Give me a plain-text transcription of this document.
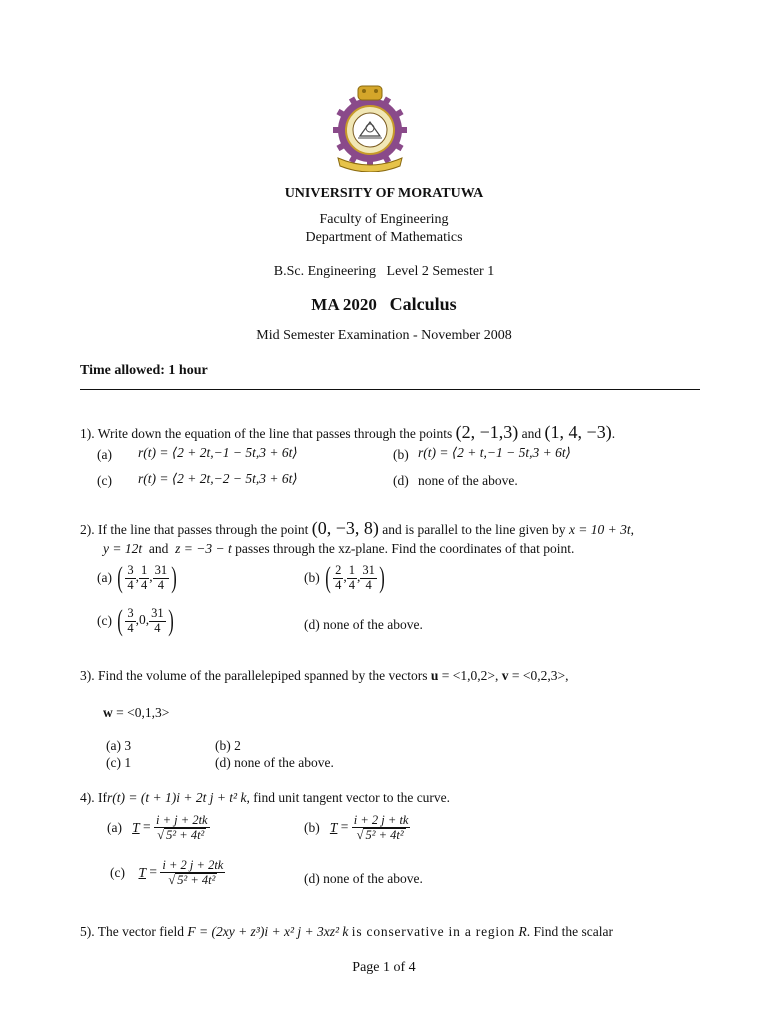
UNIVERSITY OF MORATUWA
Faculty of Engineering
Department of Mathematics
B.Sc. Engineering   Level 2 Semester 1
MA 2020 Calculus
Mid Semester Examination - November 2008
Time allowed: 1 hour
1). Write down the equation of the line that passes through the points (2, −1,3) and (1, 4, −3).
(a) r(t) = ⟨2 + 2t,−1 − 5t,3 + 6t⟩	(b) r(t) = ⟨2 + t,−1 − 5t,3 + 6t⟩
(c) r(t) = ⟨2 + 2t,−2 − 5t,3 + 6t⟩	(d) none of the above.
2). If the line that passes through the point (0, −3, 8) and is parallel to the line given by x = 10 + 3t,
y = 12t and z = −3 − t passes through the xz-plane. Find the coordinates of that point.
(a) ( $\frac{3}{4}$ , $\frac{1}{4}$ , $\frac{31}{4}$ )	(b) ( $\frac{2}{4}$ , $\frac{1}{4}$ , $\frac{31}{4}$ )
(c) ( $\frac{3}{4} ,0$, $\frac{31}{4}$ )	(d) none of the above.
3). Find the volume of the parallelepiped spanned by the vectors u = <1,0,2>, v = <0,2,3>,
w = <0,1,3>
(a) 3	(b) 2
(c) 1	(d) none of the above.
4). Ifr(t) = (t + 1)i + 2t j + t² k, find unit tangent vector to the curve.
(a) $T = \frac{i + j + 2tk}{\text{√ 5² + 4t²}}$	(b) $T = \frac{i + 2 j + tk}{\text{√ 5² + 4t²}}$
(c) $T = \frac{i + 2 j + 2tk}{\text{√ 5² + 4t²}}$	(d) none of the above.
5). The vector field F = (2xy + z³)i + x² j + 3xz² k is conservative in a region R. Find the scalar
Page 1 of 4
